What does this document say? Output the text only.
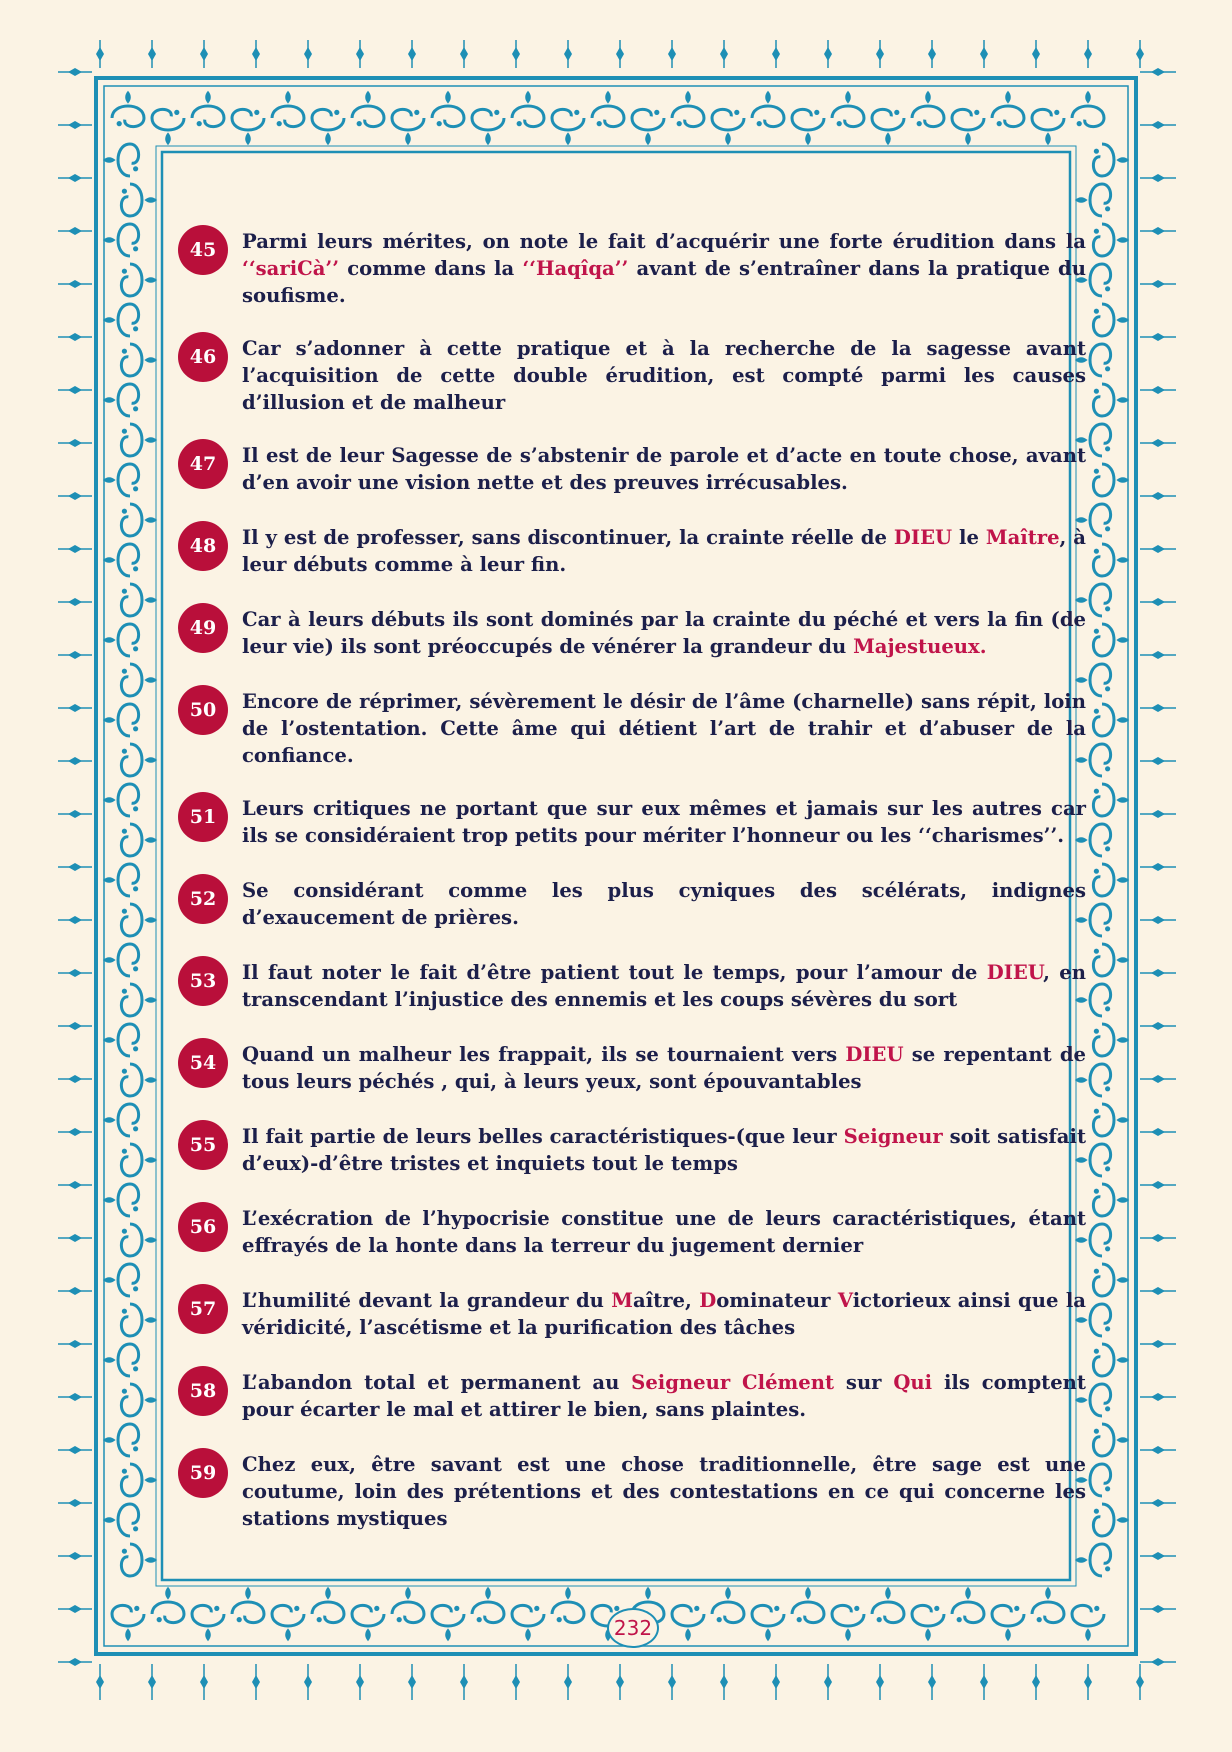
45	Parmi leurs mérites, on note le fait d’acquérir une forte érudition dans la ‘‘sariCà’’ comme dans la ‘‘Haqîqa’’ avant de s’entraîner dans la pratique du soufisme.
46	Car s’adonner à cette pratique et à la recherche de la sagesse avant l’acquisition de cette double érudition, est compté parmi les causes d’illusion et de malheur
47	Il est de leur Sagesse de s’abstenir de parole et d’acte en toute chose, avant d’en avoir une vision nette et des preuves irrécusables.
48	Il y est de professer, sans discontinuer, la crainte réelle de DIEU le Maître, à leur débuts comme à leur fin.
49	Car à leurs débuts ils sont dominés par la crainte du péché et vers la fin (de leur vie) ils sont préoccupés de vénérer la grandeur du Majestueux.
50	Encore de réprimer, sévèrement le désir de l’âme (charnelle) sans répit, loin de l’ostentation. Cette âme qui détient l’art de trahir et d’abuser de la confiance.
51	Leurs critiques ne portant que sur eux mêmes et jamais sur les autres car ils se considéraient trop petits pour mériter l’honneur ou les ‘‘charismes’’.
52	Se considérant comme les plus cyniques des scélérats, indignes d’exaucement de prières.
53	Il faut noter le fait d’être patient tout le temps, pour l’amour de DIEU, en transcendant l’injustice des ennemis et les coups sévères du sort
54	Quand un malheur les frappait, ils se tournaient vers DIEU se repentant de tous leurs péchés , qui, à leurs yeux, sont épouvantables
55	Il fait partie de leurs belles caractéristiques-(que leur Seigneur soit satisfait d’eux)-d’être tristes et inquiets tout le temps
56	L’exécration de l’hypocrisie constitue une de leurs caractéristiques, étant effrayés de la honte dans la terreur du jugement dernier
57	L’humilité devant la grandeur du Maître, Dominateur Victorieux ainsi que la véridicité, l’ascétisme et la purification des tâches
58	L’abandon total et permanent au Seigneur Clément sur Qui ils comptent pour écarter le mal et attirer le bien, sans plaintes.
59	Chez eux, être savant est une chose traditionnelle, être sage est une coutume, loin des prétentions et des contestations en ce qui concerne les stations mystiques
232
